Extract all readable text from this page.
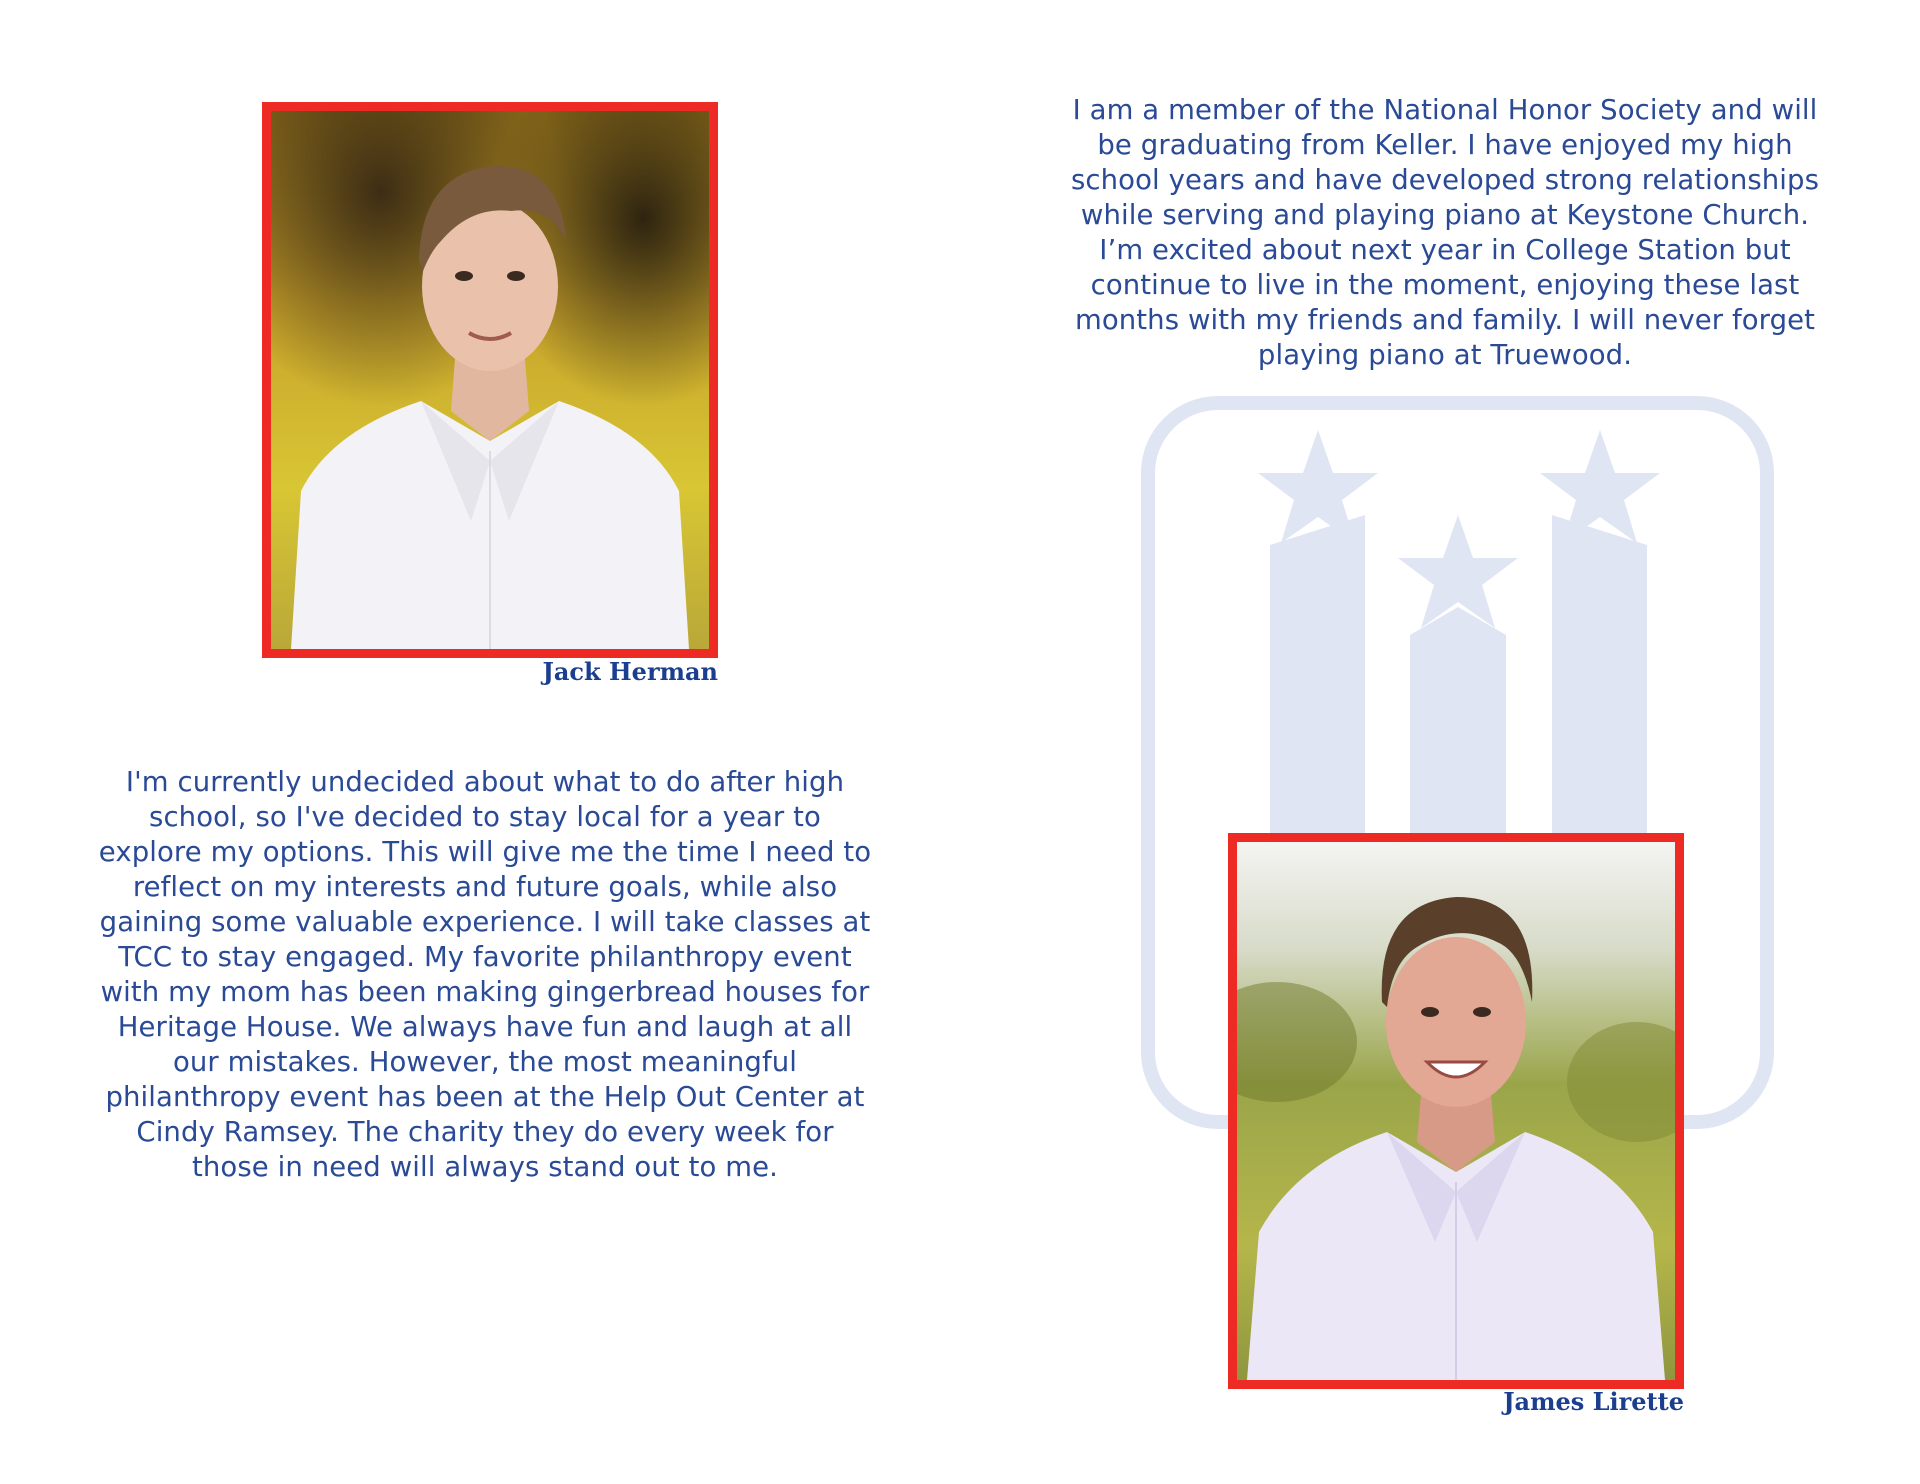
Jack Herman
James Lirette

I am a member of the National Honor Society and will be graduating from Keller. I have enjoyed my high school years and have developed strong relationships while serving and playing piano at Keystone Church. I’m excited about next year in College Station but continue to live in the moment, enjoying these last months with my friends and family. I will never forget playing piano at Truewood.

I'm currently undecided about what to do after high school, so I've decided to stay local for a year to explore my options. This will give me the time I need to reflect on my interests and future goals, while also gaining some valuable experience. I will take classes at TCC to stay engaged. My favorite philanthropy event with my mom has been making gingerbread houses for Heritage House. We always have fun and laugh at all our mistakes. However, the most meaningful philanthropy event has been at the Help Out Center at Cindy Ramsey. The charity they do every week for those in need will always stand out to me.
